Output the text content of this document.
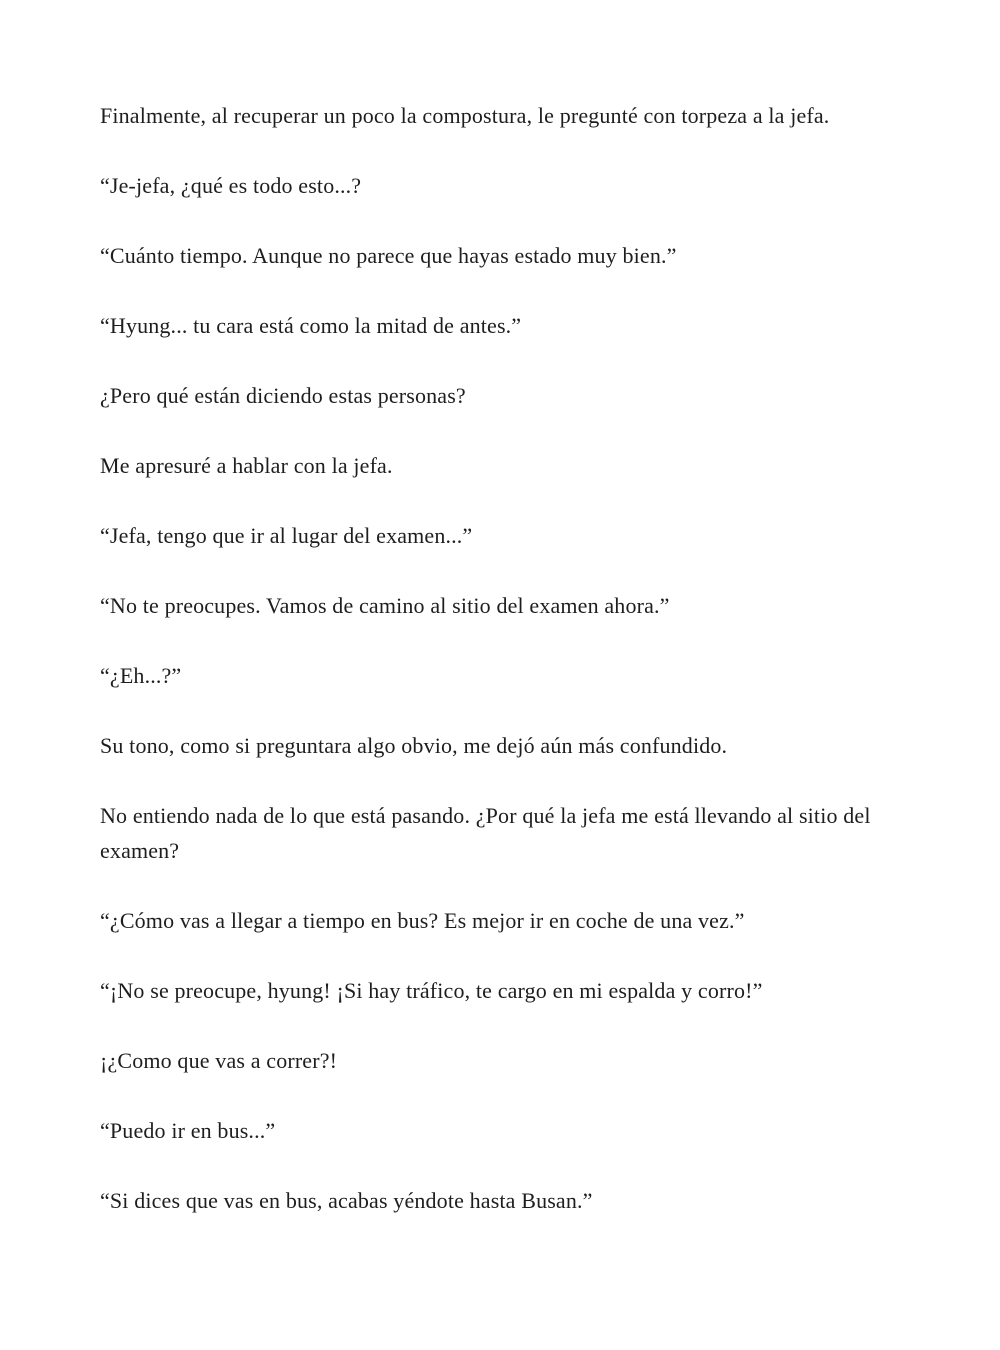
Finalmente, al recuperar un poco la compostura, le pregunté con torpeza a la jefa.

“Je-jefa, ¿qué es todo esto...?

“Cuánto tiempo. Aunque no parece que hayas estado muy bien.”

“Hyung... tu cara está como la mitad de antes.”

¿Pero qué están diciendo estas personas?

Me apresuré a hablar con la jefa.

“Jefa, tengo que ir al lugar del examen...”

“No te preocupes. Vamos de camino al sitio del examen ahora.”

“¿Eh...?”

Su tono, como si preguntara algo obvio, me dejó aún más confundido.

No entiendo nada de lo que está pasando. ¿Por qué la jefa me está llevando al sitio del examen?

“¿Cómo vas a llegar a tiempo en bus? Es mejor ir en coche de una vez.”

“¡No se preocupe, hyung! ¡Si hay tráfico, te cargo en mi espalda y corro!”

¡¿Como que vas a correr?!

“Puedo ir en bus...”

“Si dices que vas en bus, acabas yéndote hasta Busan.”
